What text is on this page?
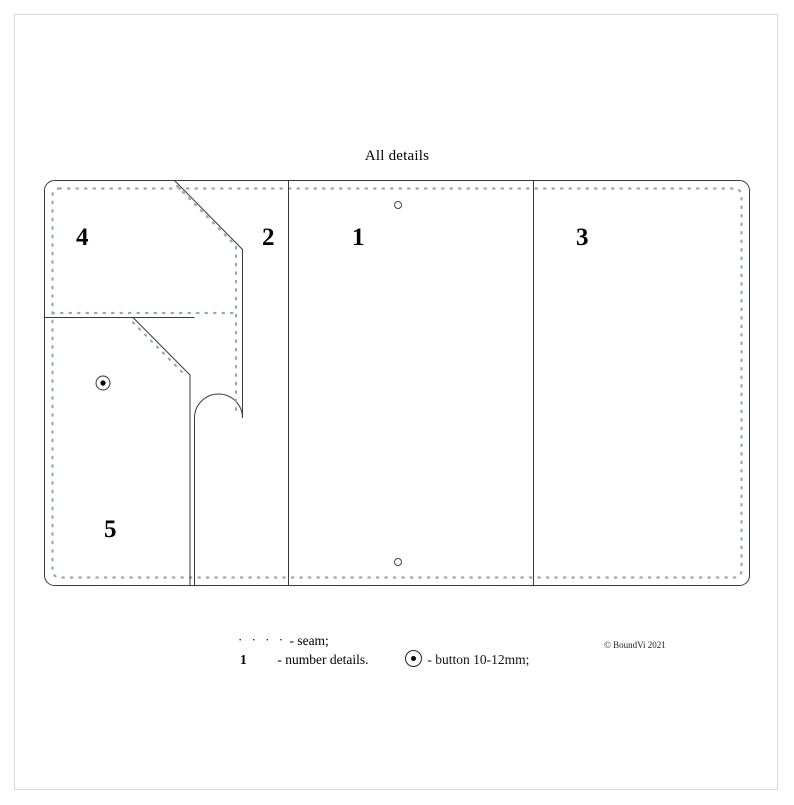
All details
4	2	1	3
5
· · · · - seam;
1 - number details.	- button 10-12mm;
© BoundVi 2021
